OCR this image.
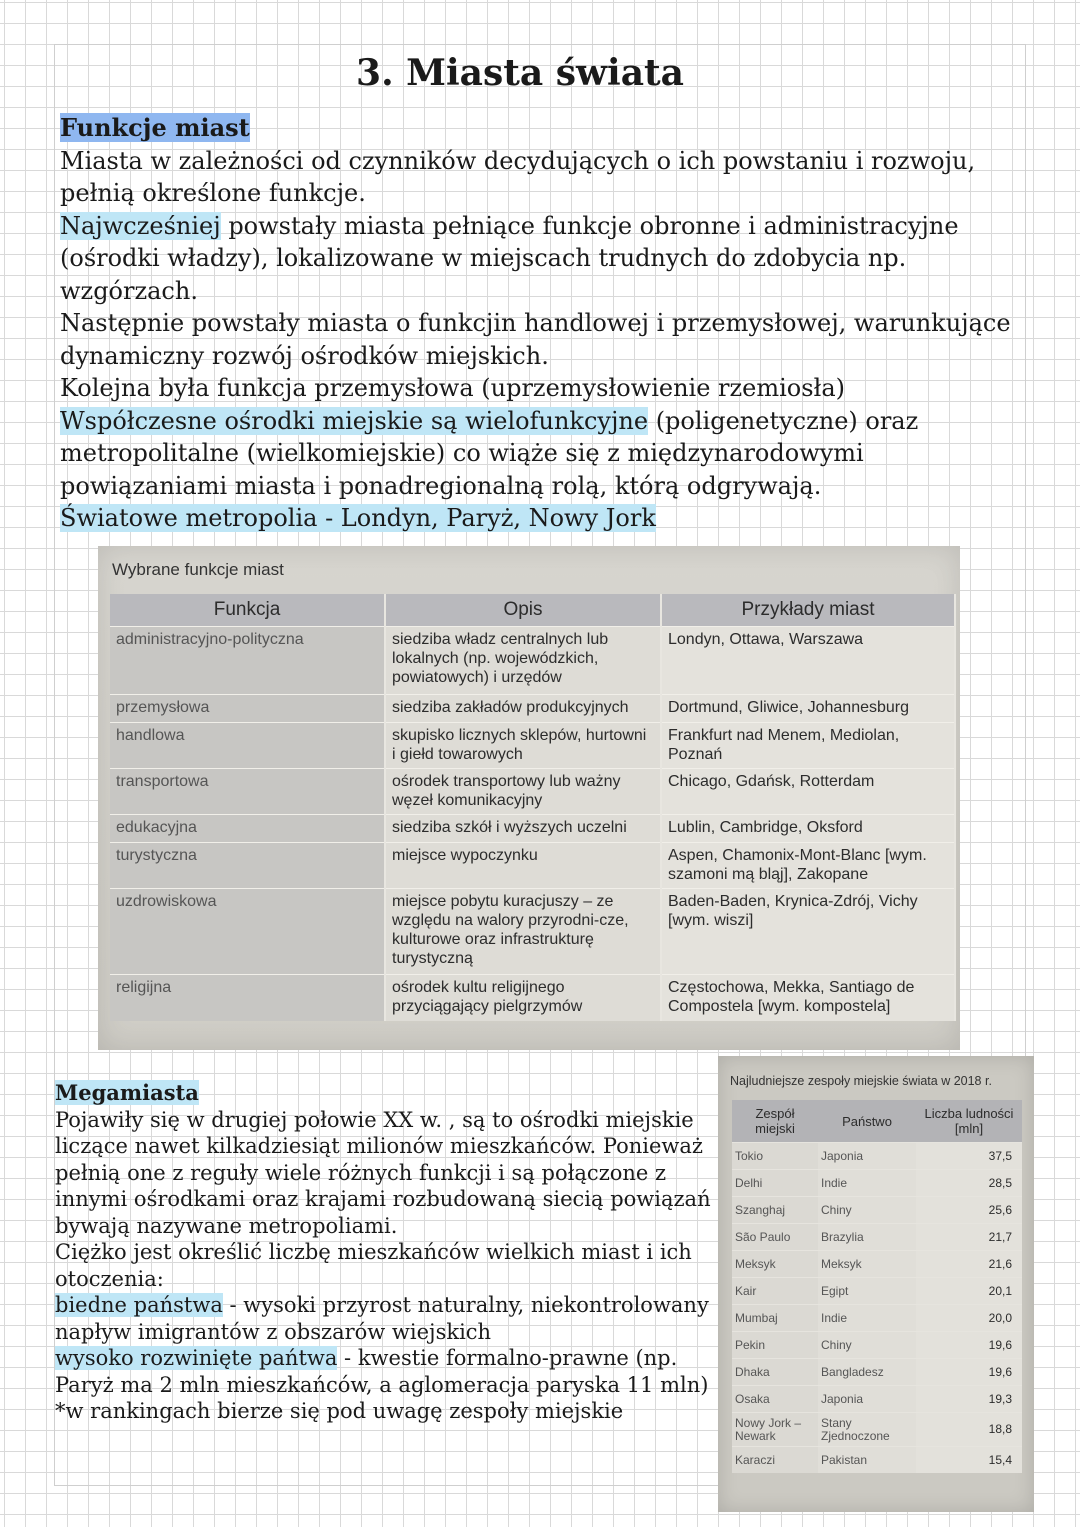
3. Miasta świata

Funkcje miast

Miasta w zależności od czynników decydujących o ich powstaniu i rozwoju, pełnią określone funkcje.

Najwcześniej powstały miasta pełniące funkcje obronne i administracyjne (ośrodki władzy), lokalizowane w miejscach trudnych do zdobycia np. wzgórzach.

Następnie powstały miasta o funkcjin handlowej i przemysłowej, warunkujące dynamiczny rozwój ośrodków miejskich.

Kolejna była funkcja przemysłowa (uprzemysłowienie rzemiosła)

Współczesne ośrodki miejskie są wielofunkcyjne (poligenetyczne) oraz metropolitalne (wielkomiejskie) co wiąże się z międzynarodowymi powiązaniami miasta i ponadregionalną rolą, którą odgrywają.

Światowe metropolia - Londyn, Paryż, Nowy Jork

Wybrane funkcje miast
Funkcja	Opis	Przykłady miast
administracyjno-polityczna	siedziba władz centralnych lub lokalnych (np. wojewódzkich, powiatowych) i urzędów	Londyn, Ottawa, Warszawa
przemysłowa	siedziba zakładów produkcyjnych	Dortmund, Gliwice, Johannesburg
handlowa	skupisko licznych sklepów, hurtowni i giełd towarowych	Frankfurt nad Menem, Mediolan, Poznań
transportowa	ośrodek transportowy lub ważny węzeł komunikacyjny	Chicago, Gdańsk, Rotterdam
edukacyjna	siedziba szkół i wyższych uczelni	Lublin, Cambridge, Oksford
turystyczna	miejsce wypoczynku	Aspen, Chamonix-Mont-Blanc [wym. szamoni mą bląj], Zakopane
uzdrowiskowa	miejsce pobytu kuracjuszy – ze względu na walory przyrodni-cze, kulturowe oraz infrastrukturę turystyczną	Baden-Baden, Krynica-Zdrój, Vichy [wym. wiszi]
religijna	ośrodek kultu religijnego przyciągający pielgrzymów	Częstochowa, Mekka, Santiago de Compostela [wym. kompostela]

Megamiasta

Pojawiły się w drugiej połowie XX w. , są to ośrodki miejskie liczące nawet kilkadziesiąt milionów mieszkańców. Ponieważ pełnią one z reguły wiele różnych funkcji i są połączone z innymi ośrodkami oraz krajami rozbudowaną siecią powiązań bywają nazywane metropoliami.

Ciężko jest określić liczbę mieszkańców wielkich miast i ich otoczenia:

biedne państwa - wysoki przyrost naturalny, niekontrolowany napływ imigrantów z obszarów wiejskich

wysoko rozwinięte pańtwa - kwestie formalno-prawne (np. Paryż ma 2 mln mieszkańców, a aglomeracja paryska 11 mln)

*w rankingach bierze się pod uwagę zespoły miejskie

Najludniejsze zespoły miejskie świata w 2018 r.
Zespół miejski	Państwo	Liczba ludności [mln]
Tokio	Japonia	37,5
Delhi	Indie	28,5
Szanghaj	Chiny	25,6
São Paulo	Brazylia	21,7
Meksyk	Meksyk	21,6
Kair	Egipt	20,1
Mumbaj	Indie	20,0
Pekin	Chiny	19,6
Dhaka	Bangladesz	19,6
Osaka	Japonia	19,3
Nowy Jork – Newark	Stany Zjednoczone	18,8
Karaczi	Pakistan	15,4
